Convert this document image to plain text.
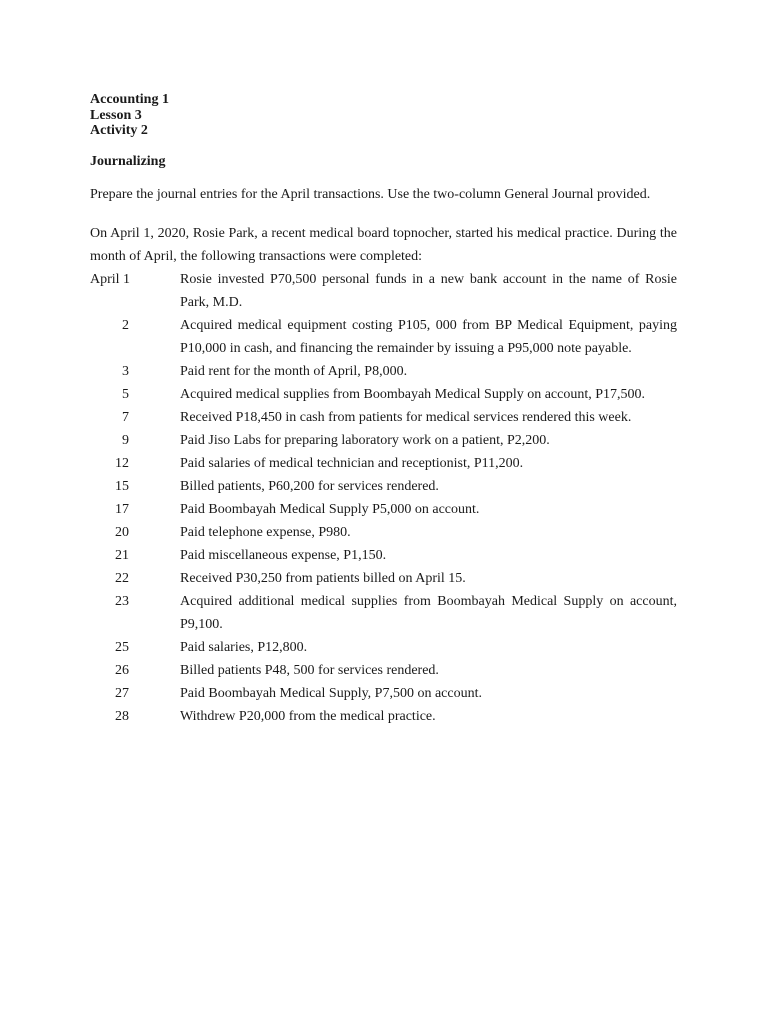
Accounting 1

Lesson 3

Activity 2

Journalizing

Prepare the journal entries for the April transactions. Use the two-column General Journal provided.

On April 1, 2020, Rosie Park, a recent medical board topnocher, started his medical practice. During the month of April, the following transactions were completed:

April 1	Rosie invested P70,500 personal funds in a new bank account in the name of Rosie Park, M.D.
2	Acquired medical equipment costing P105, 000 from BP Medical Equipment, paying P10,000 in cash, and financing the remainder by issuing a P95,000 note payable.
3	Paid rent for the month of April, P8,000.
5	Acquired medical supplies from Boombayah Medical Supply on account, P17,500.
7	Received P18,450 in cash from patients for medical services rendered this week.
9	Paid Jiso Labs for preparing laboratory work on a patient, P2,200.
12	Paid salaries of medical technician and receptionist, P11,200.
15	Billed patients, P60,200 for services rendered.
17	Paid Boombayah Medical Supply P5,000 on account.
20	Paid telephone expense, P980.
21	Paid miscellaneous expense, P1,150.
22	Received P30,250 from patients billed on April 15.
23	Acquired additional medical supplies from Boombayah Medical Supply on account, P9,100.
25	Paid salaries, P12,800.
26	Billed patients P48, 500 for services rendered.
27	Paid Boombayah Medical Supply, P7,500 on account.
28	Withdrew P20,000 from the medical practice.
